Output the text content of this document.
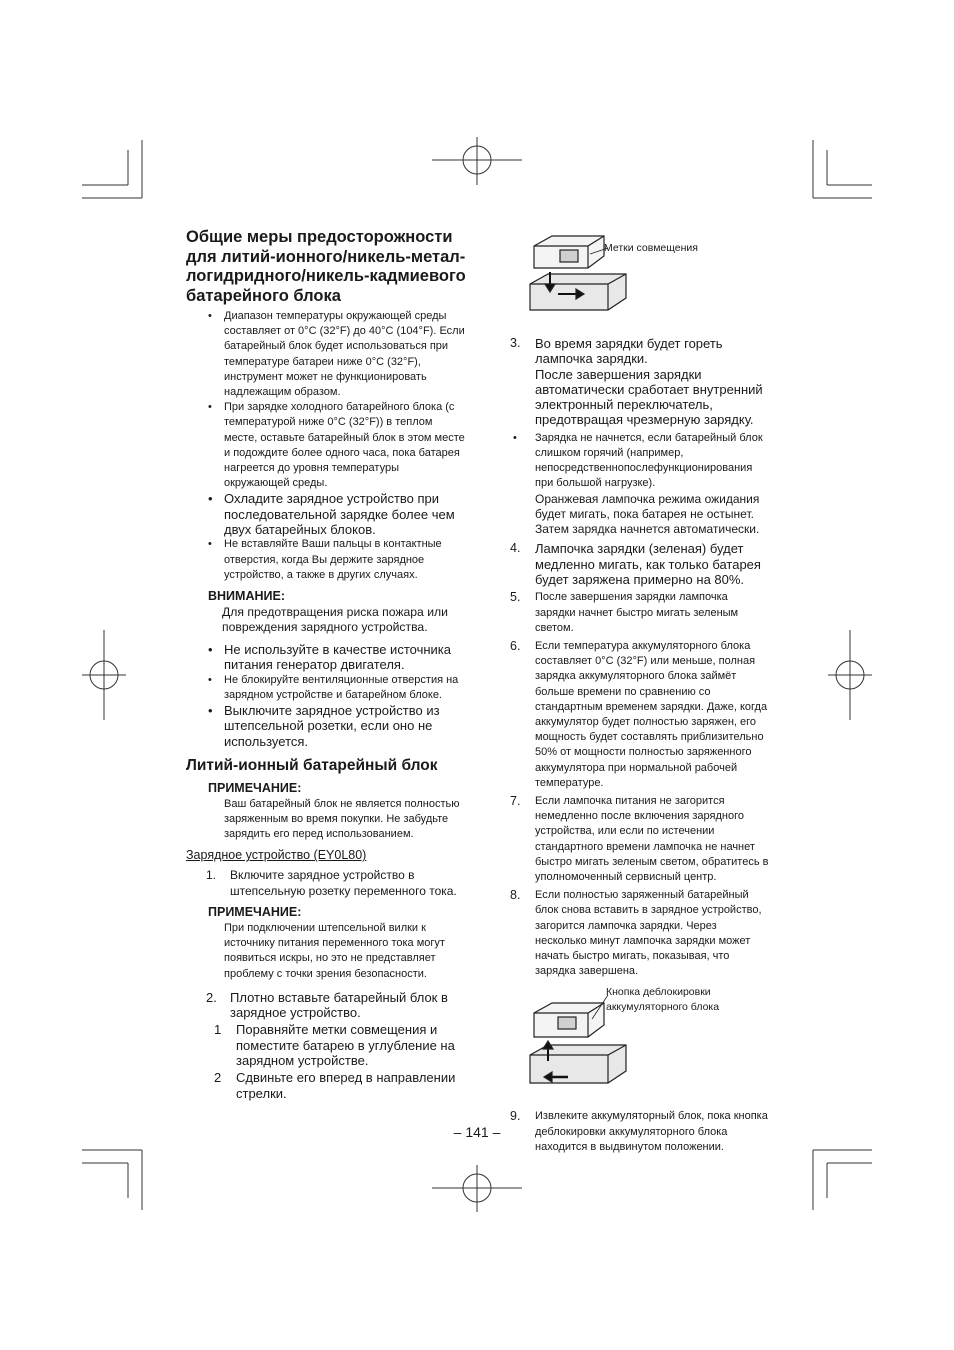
Общие меры предосторожности для литий-ионного/никель-метал-логидридного/никель-кадмиевого батарейного блока

• Диапазон температуры окружающей среды составляет от 0°C (32°F) до 40°C (104°F). Если батарейный блок будет использоваться при температуре батареи ниже 0°C (32°F), инструмент может не функционировать надлежащим образом.

• При зарядке холодного батарейного блока (с температурой ниже 0°C (32°F)) в теплом месте, оставьте батарейный блок в этом месте и подождите более одного часа, пока батарея нагреется до уровня температуры окружающей среды.

• Охладите зарядное устройство при последовательной зарядке более чем двух батарейных блоков.

• Не вставляйте Ваши пальцы в контактные отверстия, когда Вы держите зарядное устройство, а также в других случаях.

ВНИМАНИЕ:

Для предотвращения риска пожара или повреждения зарядного устройства.

• Не используйте в качестве источника питания генератор двигателя.

• Не блокируйте вентиляционные отверстия на зарядном устройстве и батарейном блоке.

• Выключите зарядное устройство из штепсельной розетки, если оно не используется.

Литий-ионный батарейный блок
ПРИМЕЧАНИЕ:

Ваш батарейный блок не является полностью заряженным во время покупки. Не забудьте зарядить его перед использованием.

Зарядное устройство (EY0L80)

1. Включите зарядное устройство в штепсельную розетку переменного тока.

ПРИМЕЧАНИЕ:

При подключении штепсельной вилки к источнику питания переменного тока могут появиться искры, но это не представляет проблему с точки зрения безопасности.

2. Плотно вставьте батарейный блок в зарядное устройство.

1 Поравняйте метки совмещения и поместите батарею в углубление на зарядном устройстве.

2 Сдвиньте его вперед в направлении стрелки.

Метки совмещения

3. Во время зарядки будет гореть лампочка зарядки.
После завершения зарядки автоматически сработает внутренний электронный переключатель, предотвращая чрезмерную зарядку.

• Зарядка не начнется, если батарейный блок слишком горячий (например, непосредственнопослефункционирования при большой нагрузке).
Оранжевая лампочка режима ожидания будет мигать, пока батарея не остынет. Затем зарядка начнется автоматически.

4. Лампочка зарядки (зеленая) будет медленно мигать, как только батарея будет заряжена примерно на 80%.

5. После завершения зарядки лампочка зарядки начнет быстро мигать зеленым светом.

6. Если температура аккумуляторного блока составляет 0°C (32°F) или меньше, полная зарядка аккумуляторного блока займёт больше времени по сравнению со стандартным временем зарядки. Даже, когда аккумулятор будет полностью заряжен, его мощность будет составлять приблизительно 50% от мощности полностью заряженного аккумулятора при нормальной рабочей температуре.

7. Если лампочка питания не загорится немедленно после включения зарядного устройства, или если по истечении стандартного времени лампочка не начнет быстро мигать зеленым светом, обратитесь в уполномоченный сервисный центр.

8. Если полностью заряженный батарейный блок снова вставить в зарядное устройство, загорится лампочка зарядки. Через несколько минут лампочка зарядки может начать быстро мигать, показывая, что зарядка завершена.

Кнопка деблокировки аккумуляторного блока

9. Извлеките аккумуляторный блок, пока кнопка деблокировки аккумуляторного блока находится в выдвинутом положении.

– 141 –
